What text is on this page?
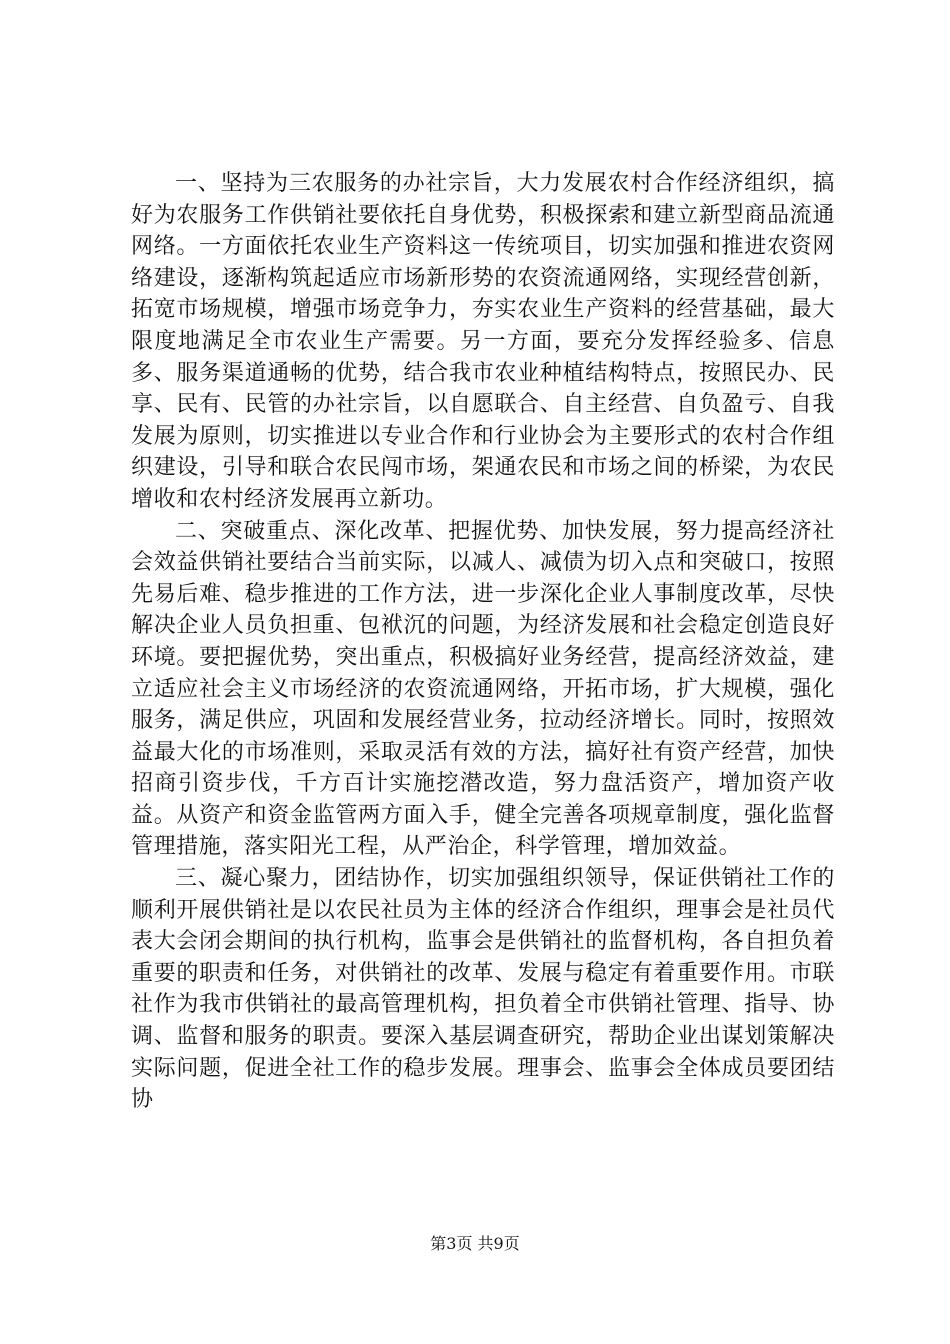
一、坚持为三农服务的办社宗旨，大力发展农村合作经济组织，搞好为农服务工作供销社要依托自身优势，积极探索和建立新型商品流通网络。一方面依托农业生产资料这一传统项目，切实加强和推进农资网络建设，逐渐构筑起适应市场新形势的农资流通网络，实现经营创新，拓宽市场规模，增强市场竞争力，夯实农业生产资料的经营基础，最大限度地满足全市农业生产需要。另一方面，要充分发挥经验多、信息多、服务渠道通畅的优势，结合我市农业种植结构特点，按照民办、民享、民有、民管的办社宗旨，以自愿联合、自主经营、自负盈亏、自我发展为原则，切实推进以专业合作和行业协会为主要形式的农村合作组织建设，引导和联合农民闯市场，架通农民和市场之间的桥梁，为农民增收和农村经济发展再立新功。

二、突破重点、深化改革、把握优势、加快发展，努力提高经济社会效益供销社要结合当前实际，以减人、减债为切入点和突破口，按照先易后难、稳步推进的工作方法，进一步深化企业人事制度改革，尽快解决企业人员负担重、包袱沉的问题，为经济发展和社会稳定创造良好环境。要把握优势，突出重点，积极搞好业务经营，提高经济效益，建立适应社会主义市场经济的农资流通网络，开拓市场，扩大规模，强化服务，满足供应，巩固和发展经营业务，拉动经济增长。同时，按照效益最大化的市场准则，采取灵活有效的方法，搞好社有资产经营，加快招商引资步伐，千方百计实施挖潜改造，努力盘活资产，增加资产收益。从资产和资金监管两方面入手，健全完善各项规章制度，强化监督管理措施，落实阳光工程，从严治企，科学管理，增加效益。

三、凝心聚力，团结协作，切实加强组织领导，保证供销社工作的顺利开展供销社是以农民社员为主体的经济合作组织，理事会是社员代表大会闭会期间的执行机构，监事会是供销社的监督机构，各自担负着重要的职责和任务，对供销社的改革、发展与稳定有着重要作用。市联社作为我市供销社的最高管理机构，担负着全市供销社管理、指导、协调、监督和服务的职责。要深入基层调查研究，帮助企业出谋划策解决实际问题，促进全社工作的稳步发展。理事会、监事会全体成员要团结协

第3页 共9页
